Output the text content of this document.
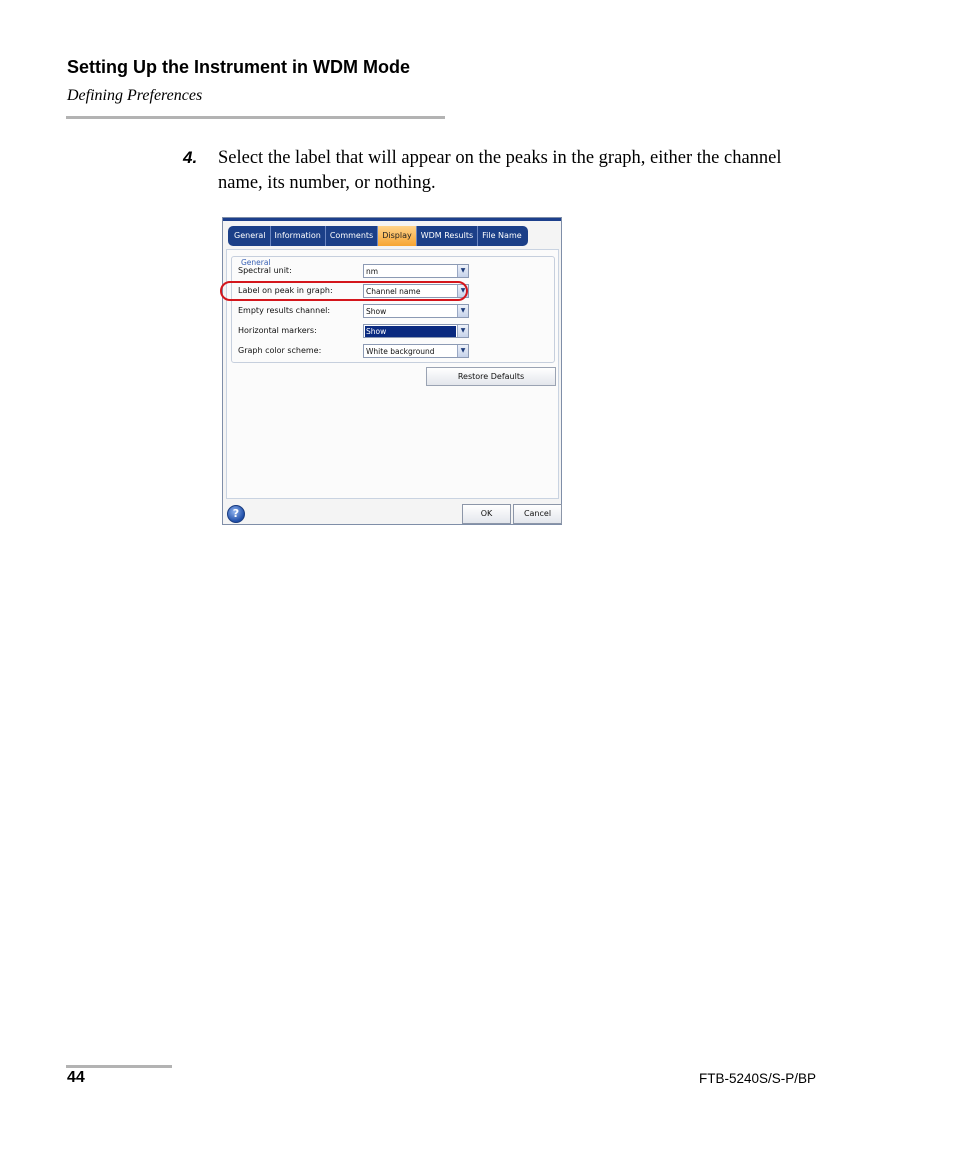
Setting Up the Instrument in WDM Mode
Defining Preferences
4. Select the label that will appear on the peaks in the graph, either the channel name, its number, or nothing.
General	Information	Comments	Display	WDM Results	File Name
General
Spectral unit:	nm	▼
Label on peak in graph:	Channel name	▼
Empty results channel:	Show	▼
Horizontal markers:	Show	▼
Graph color scheme:	White background	▼
Restore Defaults
?	OK	Cancel
44	FTB-5240S/S-P/BP
